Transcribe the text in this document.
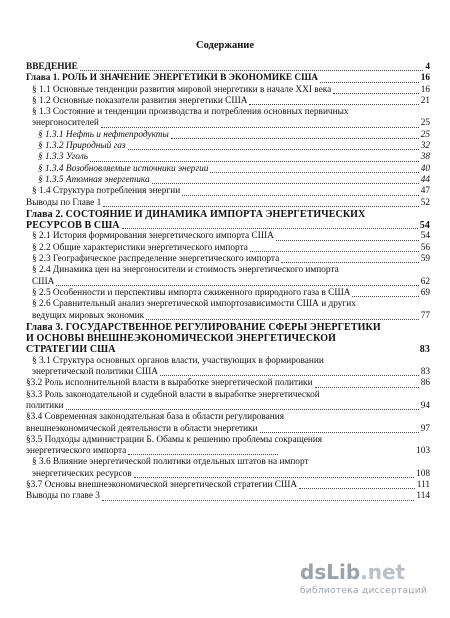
Содержание
ВВЕДЕНИЕ	4
Глава 1. РОЛЬ И ЗНАЧЕНИЕ ЭНЕРГЕТИКИ В ЭКОНОМИКЕ США	16
§ 1.1 Основные тенденции развития мировой энергетики в начале XXI века	16
§ 1.2 Основные показатели развития энергетики США	21
§ 1.3 Состояние и тенденции производства и потребления основных первичных
энергоносителей	25
§ 1.3.1 Нефть и нефтепродукты	25
§ 1.3.2 Природный газ	32
§ 1.3.3 Уголь	38
§ 1.3.4 Возобновляемые источники энергии	40
§ 1.3.5 Атомная энергетика	44
§ 1.4 Структура потребления энергии	47
Выводы по Главе 1	52
Глава 2. СОСТОЯНИЕ И ДИНАМИКА ИМПОРТА ЭНЕРГЕТИЧЕСКИХ
РЕСУРСОВ В США	54
§ 2.1 История формирования энергетического импорта США	54
§ 2.2 Общие характеристики энергетического импорта	56
§ 2.3 Географическое распределение энергетического импорта	59
§ 2.4 Динамика цен на энергоносители и стоимость энергетического импорта
США	62
§ 2.5 Особенности и перспективы импорта сжиженного природного газа в США	69
§ 2.6 Сравнительный анализ энергетической импортозависимости США и других
ведущих мировых экономик	77
Глава 3. ГОСУДАРСТВЕННОЕ РЕГУЛИРОВАНИЕ СФЕРЫ ЭНЕРГЕТИКИ
И ОСНОВЫ ВНЕШНЕЭКОНОМИЧЕСКОЙ ЭНЕРГЕТИЧЕСКОЙ
СТРАТЕГИИ США	83
§ 3.1 Структура основных органов власти, участвующих в формировании
энергетической политики США	83
§3.2 Роль исполнительной власти в выработке энергетической политики	86
§3.3 Роль законодательной и судебной власти в выработке энергетической
политики	94
§3.4 Современная законодательная база в области регулирования
внешнеэкономической деятельности в области энергетики	97
§3.5 Подходы администрации Б. Обамы к решению проблемы сокращения
энергетического импорта	103
§ 3.6 Влияние энергетической политики отдельных штатов на импорт
энергетических ресурсов	108
§3.7 Основы внешнеэкономической энергетической стратегии США	111
Выводы по главе 3	114
dsLib.net
библиотека диссертаций
